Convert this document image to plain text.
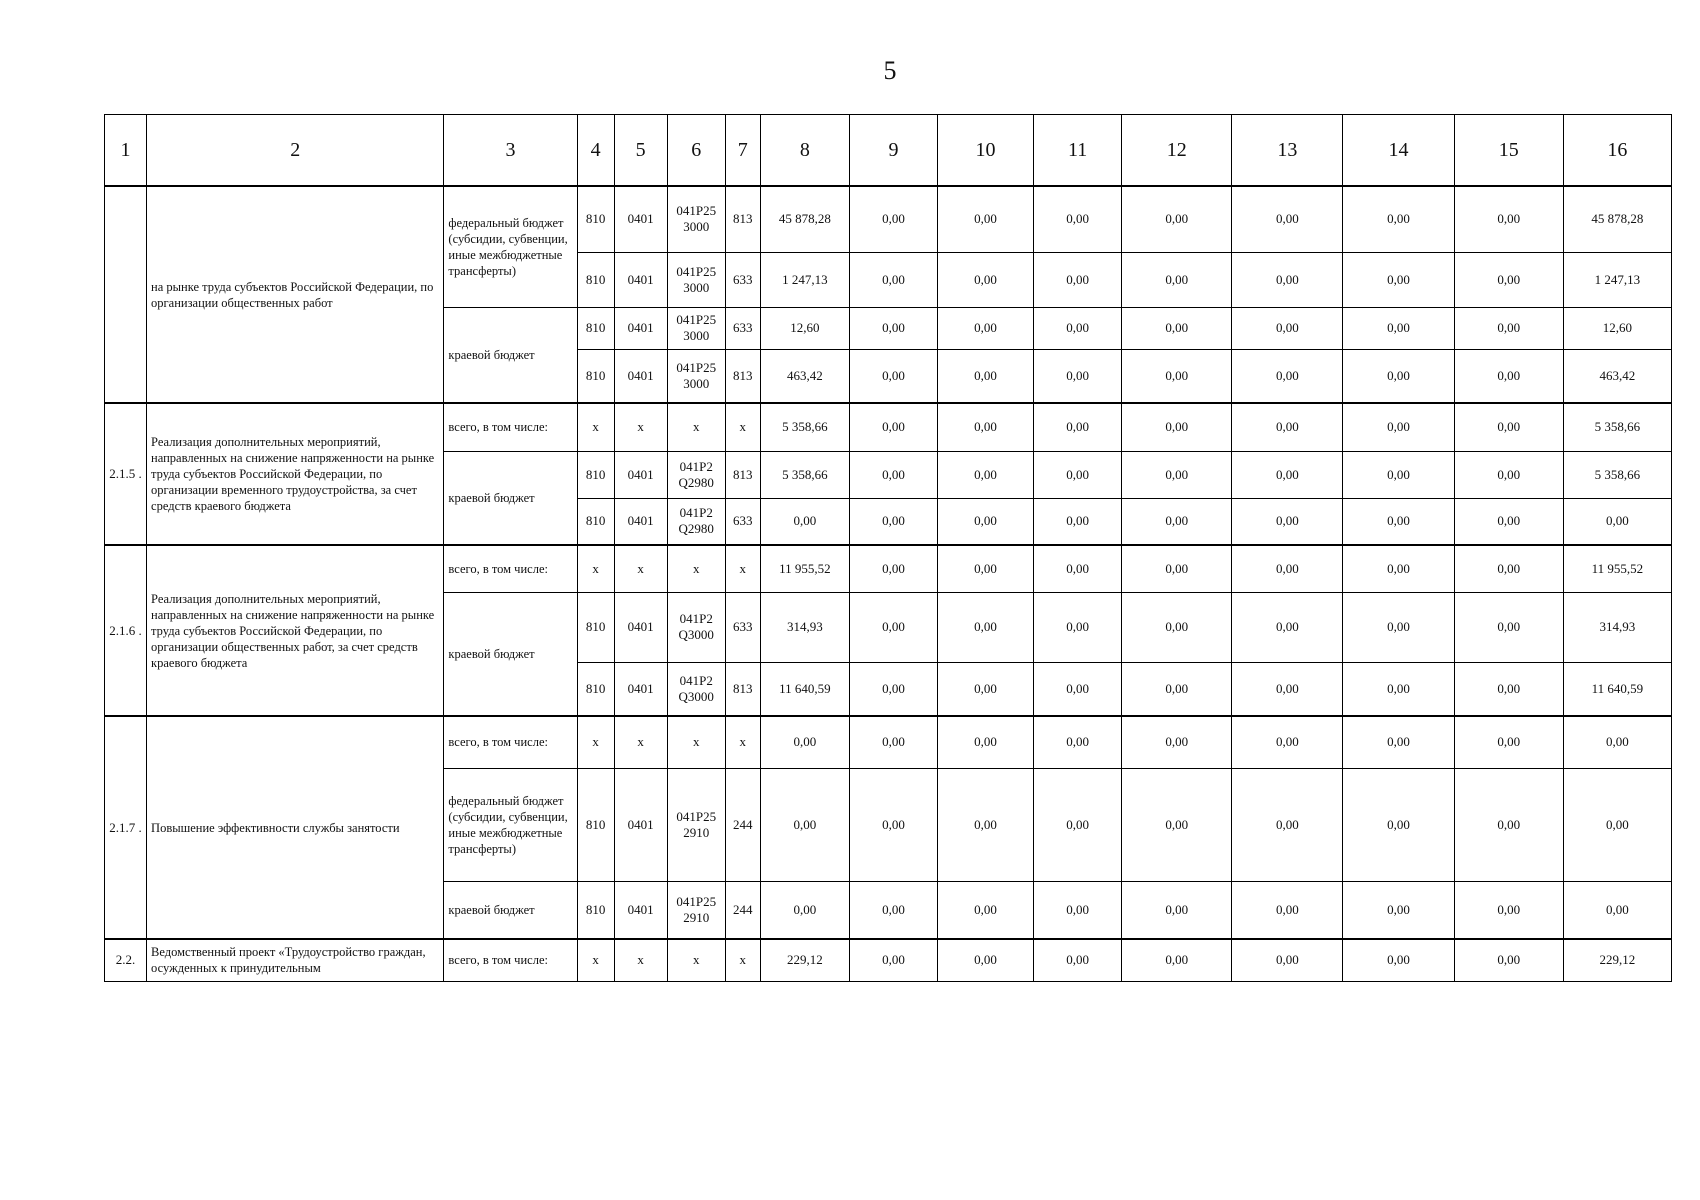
5
1	2	3	4	5	6	7	8	9	10	11	12	13	14	15	16
	на рынке труда субъектов Российской Федерации, по организации общественных работ	федеральный бюджет (субсидии, субвенции, иные межбюджетные трансферты)	810	0401	041P25 3000	813	45 878,28	0,00	0,00	0,00	0,00	0,00	0,00	0,00	45 878,28
			810	0401	041P25 3000	633	1 247,13	0,00	0,00	0,00	0,00	0,00	0,00	0,00	1 247,13
		краевой бюджет	810	0401	041P25 3000	633	12,60	0,00	0,00	0,00	0,00	0,00	0,00	0,00	12,60
			810	0401	041P25 3000	813	463,42	0,00	0,00	0,00	0,00	0,00	0,00	0,00	463,42
2.1.5 .	Реализация дополнительных мероприятий, направленных на снижение напряженности на рынке труда субъектов Российской Федерации, по организации временного трудоустройства, за счет средств краевого бюджета	всего, в том числе:	x	x	x	x	5 358,66	0,00	0,00	0,00	0,00	0,00	0,00	0,00	5 358,66
		краевой бюджет	810	0401	041P2 Q2980	813	5 358,66	0,00	0,00	0,00	0,00	0,00	0,00	0,00	5 358,66
			810	0401	041P2 Q2980	633	0,00	0,00	0,00	0,00	0,00	0,00	0,00	0,00	0,00
2.1.6 .	Реализация дополнительных мероприятий, направленных на снижение напряженности на рынке труда субъектов Российской Федерации, по организации общественных работ, за счет средств краевого бюджета	всего, в том числе:	x	x	x	x	11 955,52	0,00	0,00	0,00	0,00	0,00	0,00	0,00	11 955,52
		краевой бюджет	810	0401	041P2 Q3000	633	314,93	0,00	0,00	0,00	0,00	0,00	0,00	0,00	314,93
			810	0401	041P2 Q3000	813	11 640,59	0,00	0,00	0,00	0,00	0,00	0,00	0,00	11 640,59
2.1.7 .	Повышение эффективности службы занятости	всего, в том числе:	x	x	x	x	0,00	0,00	0,00	0,00	0,00	0,00	0,00	0,00	0,00
		федеральный бюджет (субсидии, субвенции, иные межбюджетные трансферты)	810	0401	041P25 2910	244	0,00	0,00	0,00	0,00	0,00	0,00	0,00	0,00	0,00
		краевой бюджет	810	0401	041P25 2910	244	0,00	0,00	0,00	0,00	0,00	0,00	0,00	0,00	0,00
2.2.	Ведомственный проект «Трудоустройство граждан, осужденных к принудительным	всего, в том числе:	x	x	x	x	229,12	0,00	0,00	0,00	0,00	0,00	0,00	0,00	229,12
